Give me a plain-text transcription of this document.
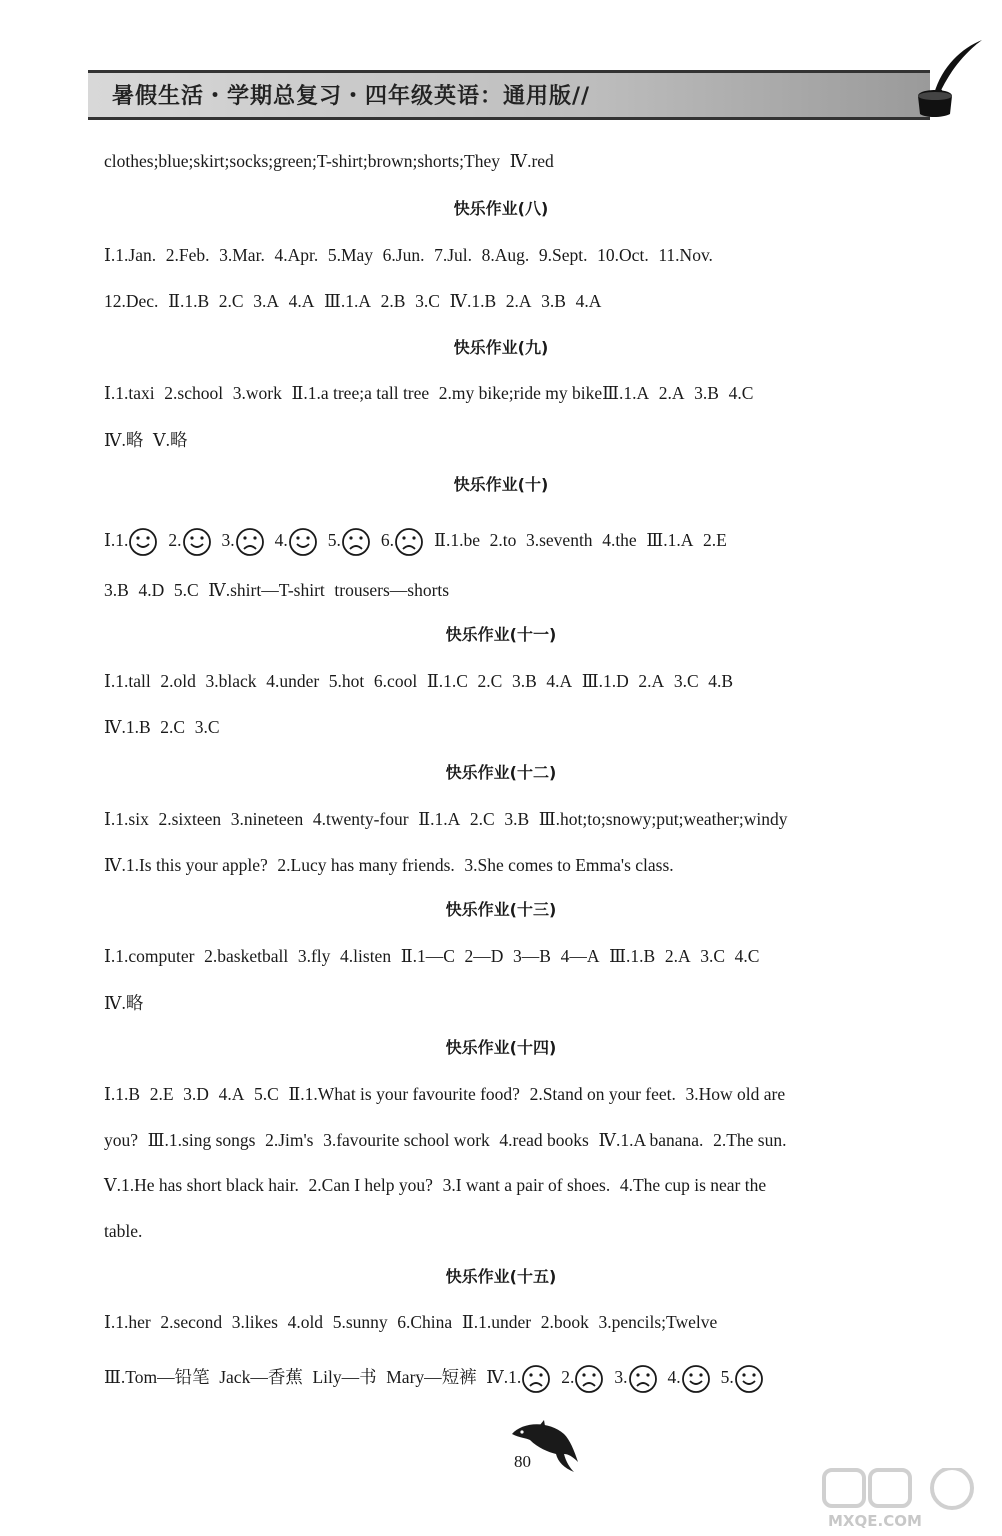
暑假生活・学期总复习・四年级英语：通用版//
clothes;blue;skirt;socks;green;T-shirt;brown;shorts;They Ⅳ.red
快乐作业(八)
Ⅰ.1.Jan. 2.Feb. 3.Mar. 4.Apr. 5.May 6.Jun. 7.Jul. 8.Aug. 9.Sept. 10.Oct. 11.Nov.
12.Dec. Ⅱ.1.B 2.C 3.A 4.A Ⅲ.1.A 2.B 3.C Ⅳ.1.B 2.A 3.B 4.A
快乐作业(九)
Ⅰ.1.taxi 2.school 3.work Ⅱ.1.a tree;a tall tree 2.my bike;ride my bikeⅢ.1.A 2.A 3.B 4.C
Ⅳ.略 Ⅴ.略
快乐作业(十)
Ⅰ.1. 2. 3. 4. 5. 6. Ⅱ.1.be 2.to 3.seventh 4.the Ⅲ.1.A 2.E
3.B 4.D 5.C Ⅳ.shirt—T-shirt trousers—shorts
快乐作业(十一)
Ⅰ.1.tall 2.old 3.black 4.under 5.hot 6.cool Ⅱ.1.C 2.C 3.B 4.A Ⅲ.1.D 2.A 3.C 4.B
Ⅳ.1.B 2.C 3.C
快乐作业(十二)
Ⅰ.1.six 2.sixteen 3.nineteen 4.twenty-four Ⅱ.1.A 2.C 3.B Ⅲ.hot;to;snowy;put;weather;windy
Ⅳ.1.Is this your apple? 2.Lucy has many friends. 3.She comes to Emma's class.
快乐作业(十三)
Ⅰ.1.computer 2.basketball 3.fly 4.listen Ⅱ.1—C 2—D 3—B 4—A Ⅲ.1.B 2.A 3.C 4.C
Ⅳ.略
快乐作业(十四)
Ⅰ.1.B 2.E 3.D 4.A 5.C Ⅱ.1.What is your favourite food? 2.Stand on your feet. 3.How old are
you? Ⅲ.1.sing songs 2.Jim's 3.favourite school work 4.read books Ⅳ.1.A banana. 2.The sun.
Ⅴ.1.He has short black hair. 2.Can I help you? 3.I want a pair of shoes. 4.The cup is near the
table.
快乐作业(十五)
Ⅰ.1.her 2.second 3.likes 4.old 5.sunny 6.China Ⅱ.1.under 2.book 3.pencils;Twelve
Ⅲ.Tom—铅笔 Jack—香蕉 Lily—书 Mary—短裤 Ⅳ.1. 2. 3. 4. 5.
80
MXQE.COM
